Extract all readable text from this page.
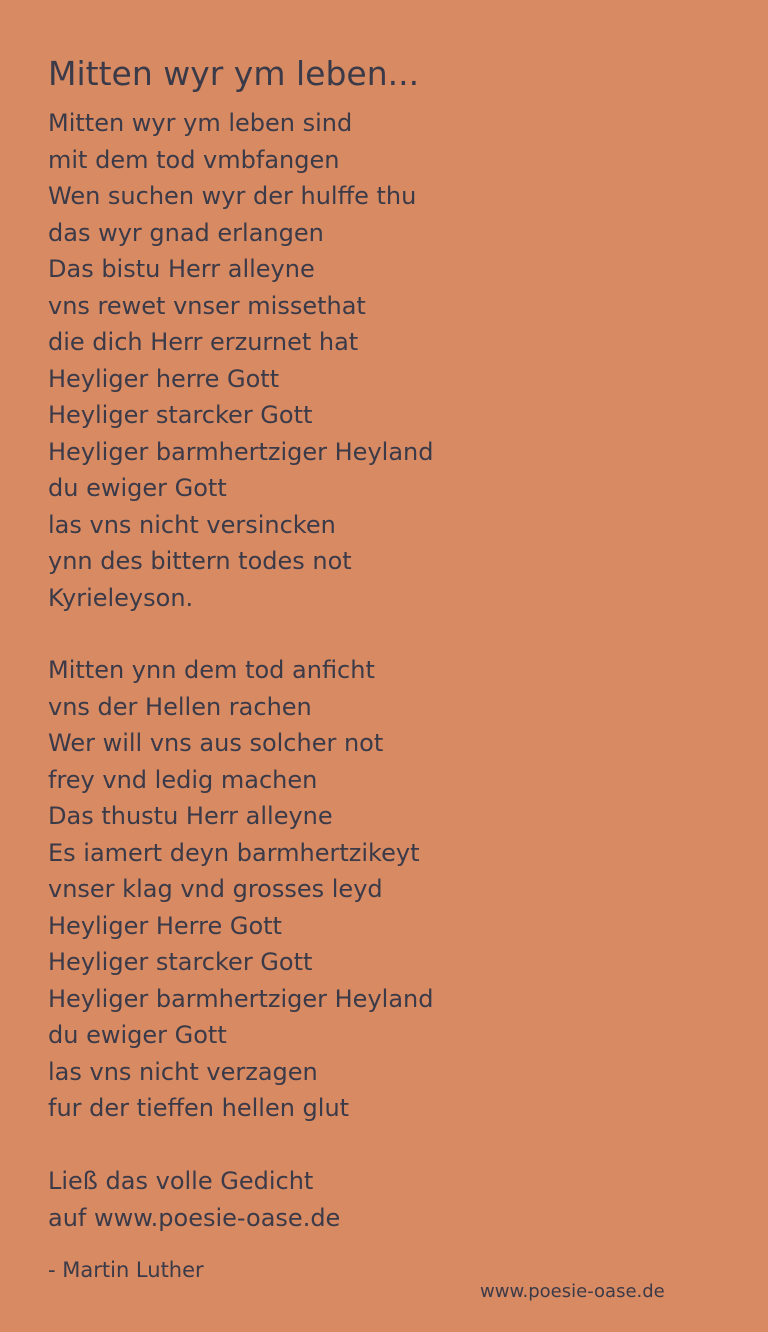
Mitten wyr ym leben...
Mitten wyr ym leben sind
mit dem tod vmbfangen
Wen suchen wyr der hulffe thu
das wyr gnad erlangen
Das bistu Herr alleyne
vns rewet vnser missethat
die dich Herr erzurnet hat
Heyliger herre Gott
Heyliger starcker Gott
Heyliger barmhertziger Heyland
du ewiger Gott
las vns nicht versincken
ynn des bittern todes not
Kyrieleyson.
Mitten ynn dem tod anficht
vns der Hellen rachen
Wer will vns aus solcher not
frey vnd ledig machen
Das thustu Herr alleyne
Es iamert deyn barmhertzikeyt
vnser klag vnd grosses leyd
Heyliger Herre Gott
Heyliger starcker Gott
Heyliger barmhertziger Heyland
du ewiger Gott
las vns nicht verzagen
fur der tieffen hellen glut
Ließ das volle Gedicht
auf www.poesie-oase.de
- Martin Luther
www.poesie-oase.de
